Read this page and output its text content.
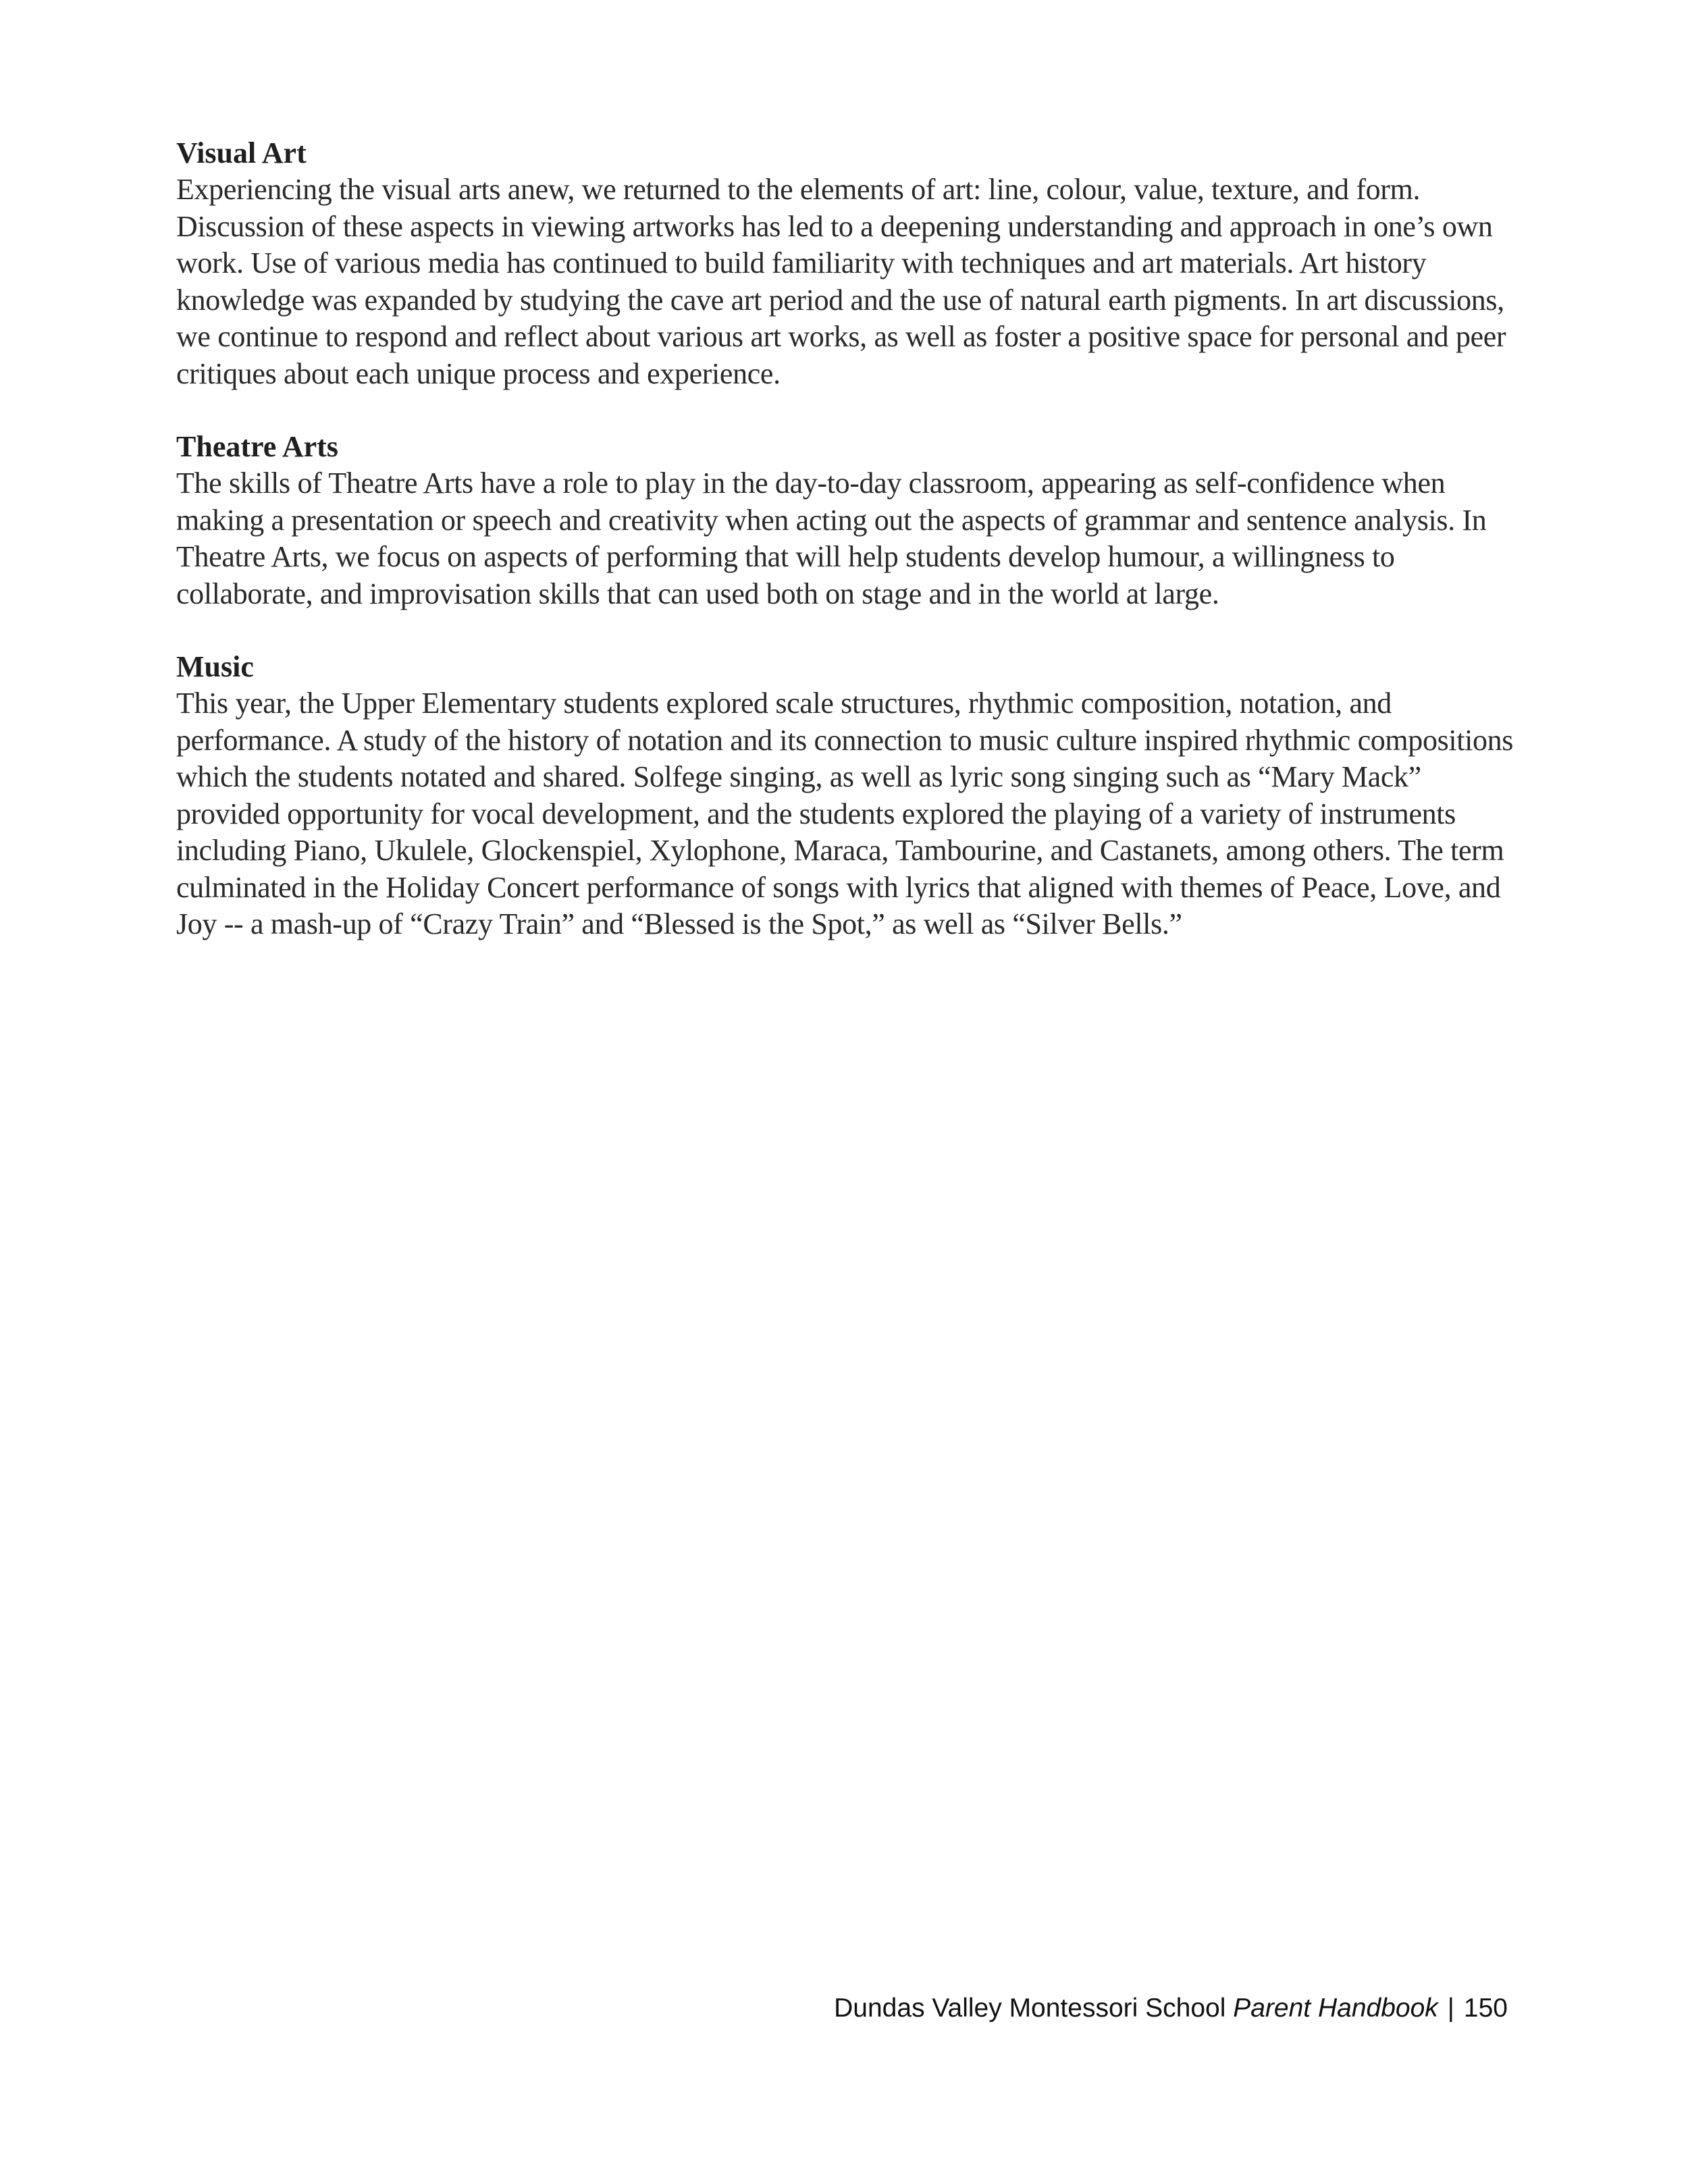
Visual Art

Experiencing the visual arts anew, we returned to the elements of art: line, colour, value, texture, and form. Discussion of these aspects in viewing artworks has led to a deepening understanding and approach in one’s own work. Use of various media has continued to build familiarity with techniques and art materials. Art history knowledge was expanded by studying the cave art period and the use of natural earth pigments. In art discussions, we continue to respond and reflect about various art works, as well as foster a positive space for personal and peer critiques about each unique process and experience.

Theatre Arts

The skills of Theatre Arts have a role to play in the day-to-day classroom, appearing as self-confidence when making a presentation or speech and creativity when acting out the aspects of grammar and sentence analysis. In Theatre Arts, we focus on aspects of performing that will help students develop humour, a willingness to collaborate, and improvisation skills that can used both on stage and in the world at large.

Music

This year, the Upper Elementary students explored scale structures, rhythmic composition, notation, and performance. A study of the history of notation and its connection to music culture inspired rhythmic compositions which the students notated and shared. Solfege singing, as well as lyric song singing such as “Mary Mack” provided opportunity for vocal development, and the students explored the playing of a variety of instruments including Piano, Ukulele, Glockenspiel, Xylophone, Maraca, Tambourine, and Castanets, among others. The term culminated in the Holiday Concert performance of songs with lyrics that aligned with themes of Peace, Love, and Joy -- a mash-up of “Crazy Train” and “Blessed is the Spot,” as well as “Silver Bells.”

Dundas Valley Montessori School Parent Handbook | 150
